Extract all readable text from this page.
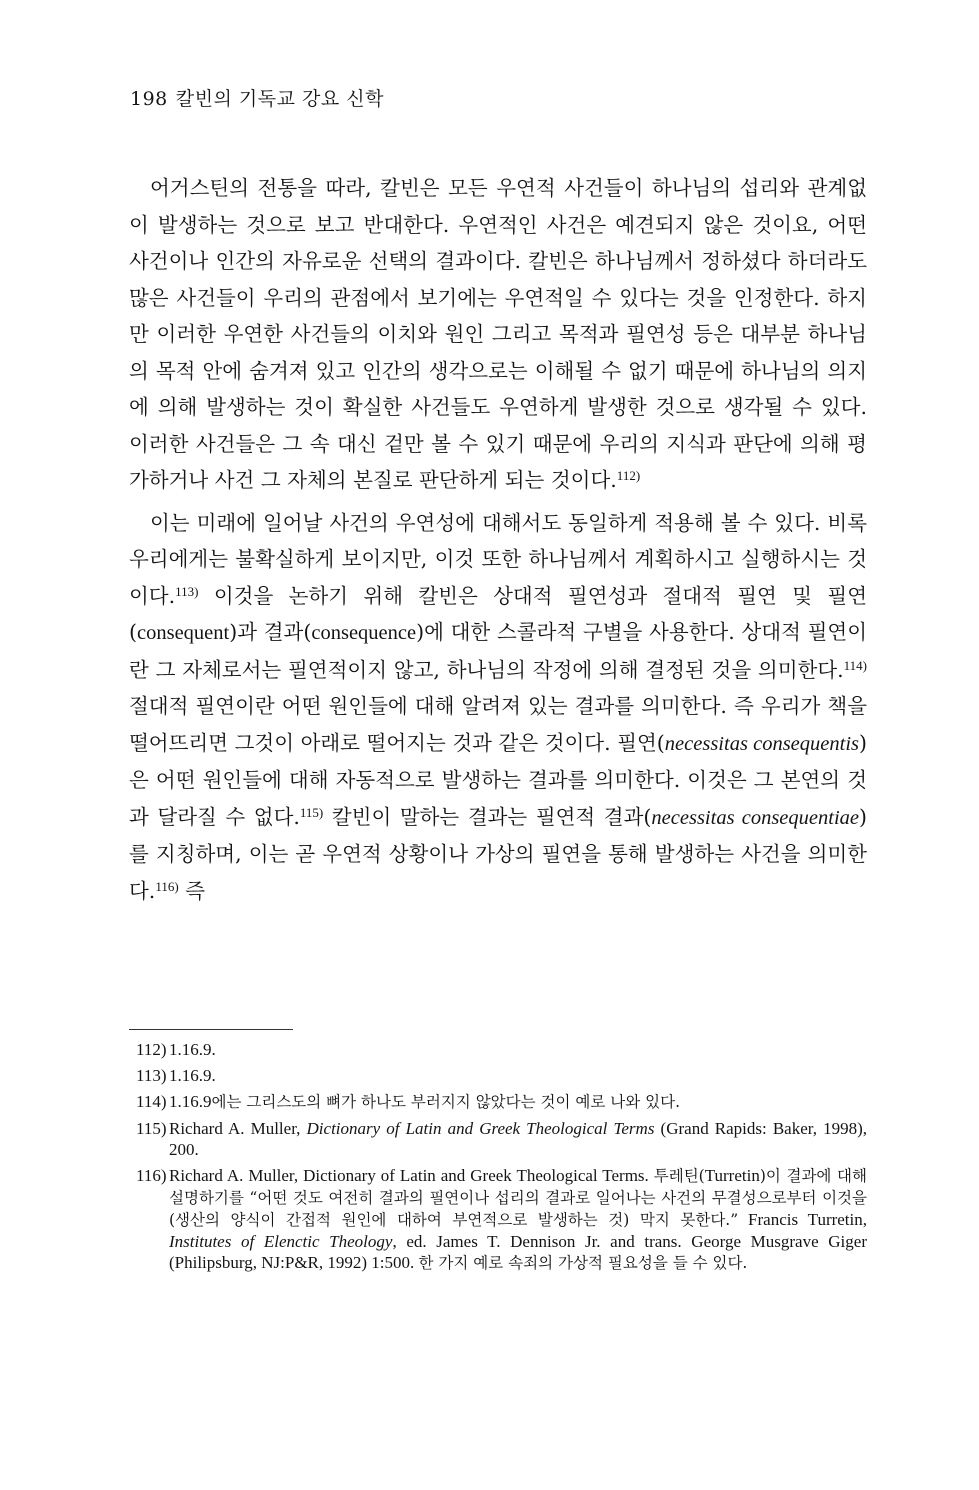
198 칼빈의 기독교 강요 신학

어거스틴의 전통을 따라, 칼빈은 모든 우연적 사건들이 하나님의 섭리와 관계없이 발생하는 것으로 보고 반대한다. 우연적인 사건은 예견되지 않은 것이요, 어떤 사건이나 인간의 자유로운 선택의 결과이다. 칼빈은 하나님께서 정하셨다 하더라도 많은 사건들이 우리의 관점에서 보기에는 우연적일 수 있다는 것을 인정한다. 하지만 이러한 우연한 사건들의 이치와 원인 그리고 목적과 필연성 등은 대부분 하나님의 목적 안에 숨겨져 있고 인간의 생각으로는 이해될 수 없기 때문에 하나님의 의지에 의해 발생하는 것이 확실한 사건들도 우연하게 발생한 것으로 생각될 수 있다. 이러한 사건들은 그 속 대신 겉만 볼 수 있기 때문에 우리의 지식과 판단에 의해 평가하거나 사건 그 자체의 본질로 판단하게 되는 것이다.$^{112)}$

이는 미래에 일어날 사건의 우연성에 대해서도 동일하게 적용해 볼 수 있다. 비록 우리에게는 불확실하게 보이지만, 이것 또한 하나님께서 계획하시고 실행하시는 것이다.$^{113)}$ 이것을 논하기 위해 칼빈은 상대적 필연성과 절대적 필연 및 필연(consequent)과 결과(consequence)에 대한 스콜라적 구별을 사용한다. 상대적 필연이란 그 자체로서는 필연적이지 않고, 하나님의 작정에 의해 결정된 것을 의미한다.$^{114)}$ 절대적 필연이란 어떤 원인들에 대해 알려져 있는 결과를 의미한다. 즉 우리가 책을 떨어뜨리면 그것이 아래로 떨어지는 것과 같은 것이다. 필연(necessitas consequentis)은 어떤 원인들에 대해 자동적으로 발생하는 결과를 의미한다. 이것은 그 본연의 것과 달라질 수 없다.$^{115)}$ 칼빈이 말하는 결과는 필연적 결과(necessitas consequentiae)를 지칭하며, 이는 곧 우연적 상황이나 가상의 필연을 통해 발생하는 사건을 의미한다.$^{116)}$ 즉

112) 1.16.9.
113) 1.16.9.
114) 1.16.9에는 그리스도의 뼈가 하나도 부러지지 않았다는 것이 예로 나와 있다.
115) Richard A. Muller, Dictionary of Latin and Greek Theological Terms (Grand Rapids: Baker, 1998), 200.
116) Richard A. Muller, Dictionary of Latin and Greek Theological Terms. 투레틴(Turretin)이 결과에 대해 설명하기를 “어떤 것도 여전히 결과의 필연이나 섭리의 결과로 일어나는 사건의 무결성으로부터 이것을(생산의 양식이 간접적 원인에 대하여 부연적으로 발생하는 것) 막지 못한다.” Francis Turretin, Institutes of Elenctic Theology, ed. James T. Dennison Jr. and trans. George Musgrave Giger (Philipsburg, NJ:P&R, 1992) 1:500. 한 가지 예로 속죄의 가상적 필요성을 들 수 있다.
